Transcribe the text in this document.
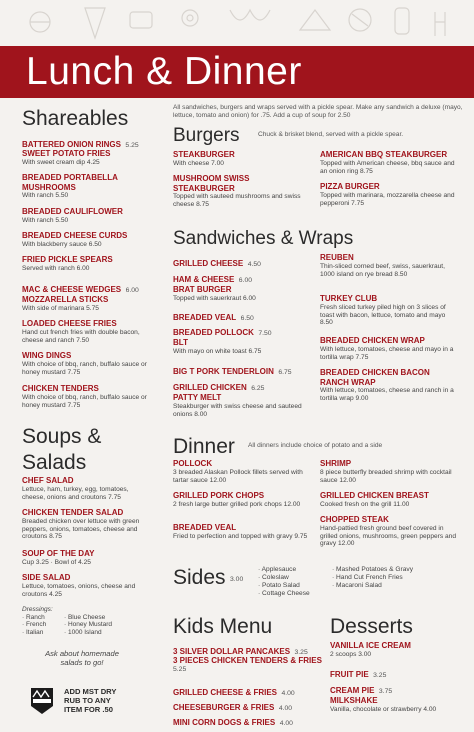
Lunch & Dinner
Shareables
BATTERED ONION RINGS 5.25
SWEET POTATO FRIES
With sweet cream dip 4.25
BREADED PORTABELLA MUSHROOMS
With ranch 5.50
BREADED CAULIFLOWER
With ranch 5.50
BREADED CHEESE CURDS
With blackberry sauce 6.50
FRIED PICKLE SPEARS
Served with ranch 6.00
MAC & CHEESE WEDGES 6.00
MOZZARELLA STICKS
With side of marinara 5.75
LOADED CHEESE FRIES
Hand cut french fries with double bacon, cheese and ranch 7.50
WING DINGS
With choice of bbq, ranch, buffalo sauce or honey mustard 7.75
CHICKEN TENDERS
With choice of bbq, ranch, buffalo sauce or honey mustard 7.75
Soups &
Salads
CHEF SALAD
Lettuce, ham, turkey, egg, tomatoes, cheese, onions and croutons 7.75
CHICKEN TENDER SALAD
Breaded chicken over lettuce with green peppers, onions, tomatoes, cheese and croutons 8.75
SOUP OF THE DAY
Cup 3.25 · Bowl of 4.25
SIDE SALAD
Lettuce, tomatoes, onions, cheese and croutons 4.25
Dressings:
· Ranch
· French
· Italian
· Blue Cheese
· Honey Mustard
· 1000 Island
Ask about homemade
salads to go!
ADD MST DRY
RUB TO ANY
ITEM FOR .50
All sandwiches, burgers and wraps served with a pickle spear. Make any sandwich a deluxe (mayo, lettuce, tomato and onion) for .75. Add a cup of soup for 2.50
Burgers	Chuck & brisket blend, served with a pickle spear.
STEAKBURGER
With cheese 7.00
MUSHROOM SWISS STEAKBURGER
Topped with sauteed mushrooms and swiss cheese 8.75
AMERICAN BBQ STEAKBURGER
Topped with American cheese, bbq sauce and an onion ring 8.75
PIZZA BURGER
Topped with marinara, mozzarella cheese and pepperoni 7.75
Sandwiches & Wraps
GRILLED CHEESE 4.50
HAM & CHEESE 6.00
BRAT BURGER
Topped with sauerkraut 6.00
BREADED VEAL 6.50
BREADED POLLOCK 7.50
BLT
With mayo on white toast 6.75
BIG T PORK TENDERLOIN 6.75
GRILLED CHICKEN 6.25
PATTY MELT
Steakburger with swiss cheese and sauteed onions 8.00
REUBEN
Thin-sliced corned beef, swiss, sauerkraut, 1000 island on rye bread 8.50
TURKEY CLUB
Fresh sliced turkey piled high on 3 slices of toast with bacon, lettuce, tomato and mayo 8.50
BREADED CHICKEN WRAP
With lettuce, tomatoes, cheese and mayo in a tortilla wrap 7.75
BREADED CHICKEN BACON RANCH WRAP
With lettuce, tomatoes, cheese and ranch in a tortilla wrap 9.00
Dinner All dinners include choice of potato and a side
POLLOCK
3 breaded Alaskan Pollock fillets served with tartar sauce 12.00
GRILLED PORK CHOPS
2 fresh large butter grilled pork chops 12.00
BREADED VEAL
Fried to perfection and topped with gravy 9.75
SHRIMP
8 piece butterfly breaded shrimp with cocktail sauce 12.00
GRILLED CHICKEN BREAST
Cooked fresh on the grill 11.00
CHOPPED STEAK
Hand-pattied fresh ground beef covered in grilled onions, mushrooms, green peppers and gravy 12.00
Sides 3.00
· Applesauce
· Coleslaw
· Potato Salad
· Cottage Cheese
· Mashed Potatoes & Gravy
· Hand Cut French Fries
· Macaroni Salad
Kids Menu
3 SILVER DOLLAR PANCAKES 3.25
3 PIECES CHICKEN TENDERS & FRIES
5.25
GRILLED CHEESE & FRIES 4.00
CHEESEBURGER & FRIES 4.00
MINI CORN DOGS & FRIES 4.00
Desserts
VANILLA ICE CREAM
2 scoops 3.00
FRUIT PIE 3.25
CREAM PIE 3.75
MILKSHAKE
Vanilla, chocolate or strawberry 4.00
